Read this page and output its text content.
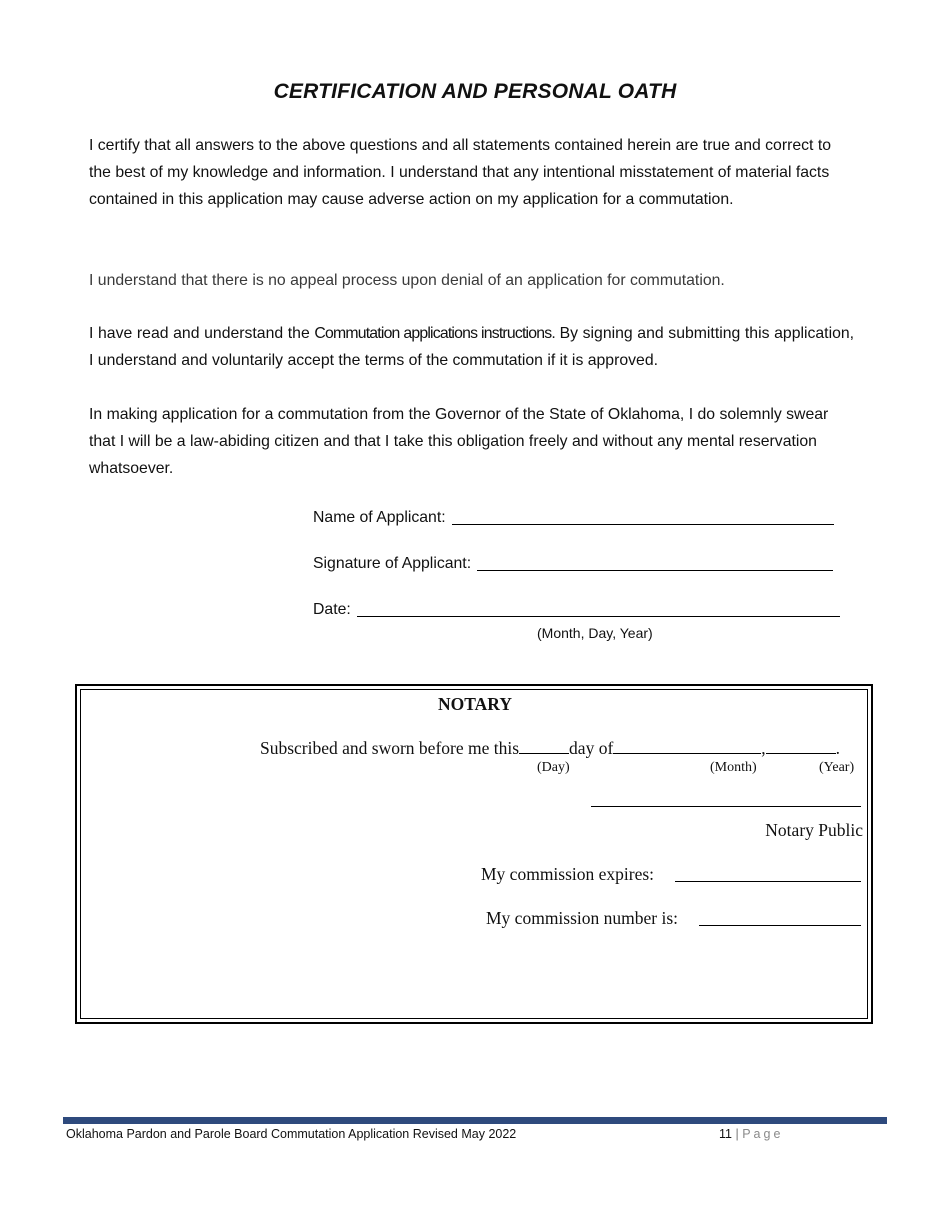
CERTIFICATION AND PERSONAL OATH

I certify that all answers to the above questions and all statements contained herein are true and correct to the best of my knowledge and information. I understand that any intentional misstatement of material facts contained in this application may cause adverse action on my application for a commutation.

I understand that there is no appeal process upon denial of an application for commutation.

I have read and understand the Commutation applications instructions. By signing and submitting this application, I understand and voluntarily accept the terms of the commutation if it is approved.

In making application for a commutation from the Governor of the State of Oklahoma, I do solemnly swear that I will be a law-abiding citizen and that I take this obligation freely and without any mental reservation whatsoever.

Name of Applicant:
Signature of Applicant:
Date:
(Month, Day, Year)
NOTARY
Subscribed and sworn before me this	day of	,	.
(Day)	(Month)	(Year)
Notary Public
My commission expires:
My commission number is:
Oklahoma Pardon and Parole Board Commutation Application Revised May 2022	11 | Page
